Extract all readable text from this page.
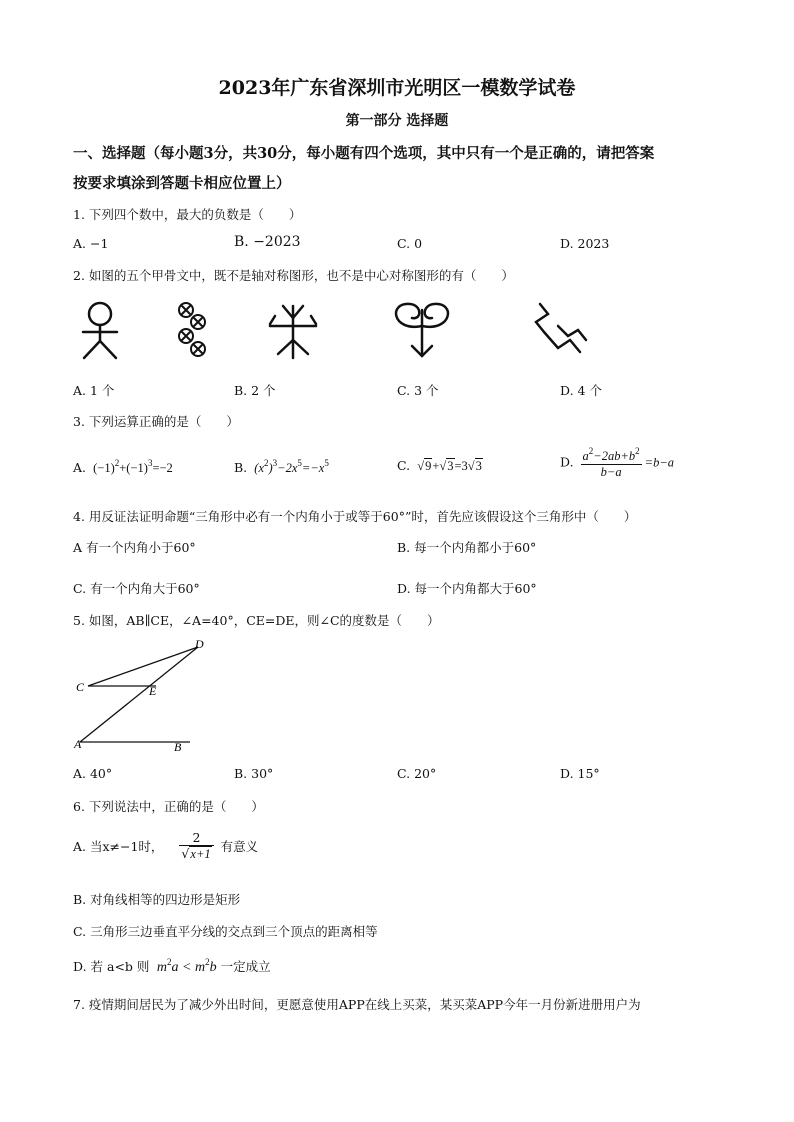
2023年广东省深圳市光明区一模数学试卷
第一部分 选择题
一、选择题（每小题3分，共30分，每小题有四个选项，其中只有一个是正确的，请把答案
按要求填涂到答题卡相应位置上）
1. 下列四个数中，最大的负数是（　　）
A. −1	B. −2023	C. 0	D. 2023
2. 如图的五个甲骨文中，既不是轴对称图形，也不是中心对称图形的有（　　）
A. 1 个	B. 2 个	C. 3 个	D. 4 个
3. 下列运算正确的是（　　）
A.  $(-1)^2+(-1)^3=-2$	B.  $(x^2)^3-2x^5=-x^5$	C.  √9+√3=3√3	D. $\frac{a^2-2ab+b^2}{b-a} =b-a$
4. 用反证法证明命题“三角形中必有一个内角小于或等于60°”时，首先应该假设这个三角形中（　　）
A 有一个内角小于60°	B. 每一个内角都小于60°
C. 有一个内角大于60°	D. 每一个内角都大于60°
5. 如图，AB∥CE，∠A=40°，CE=DE，则∠C的度数是（　　）
D
C	E
A	B
A. 40°	B. 30°	C. 20°	D. 15°
6. 下列说法中，正确的是（　　）
A. 当x≠−1时， $\frac{2}{√x+1}$ 有意义
B. 对角线相等的四边形是矩形
C. 三角形三边垂直平分线的交点到三个顶点的距离相等
D. 若 a<b 则  $m^2a < m^2b$ 一定成立
7. 疫情期间居民为了减少外出时间，更愿意使用APP在线上买菜，某买菜APP今年一月份新进册用户为
